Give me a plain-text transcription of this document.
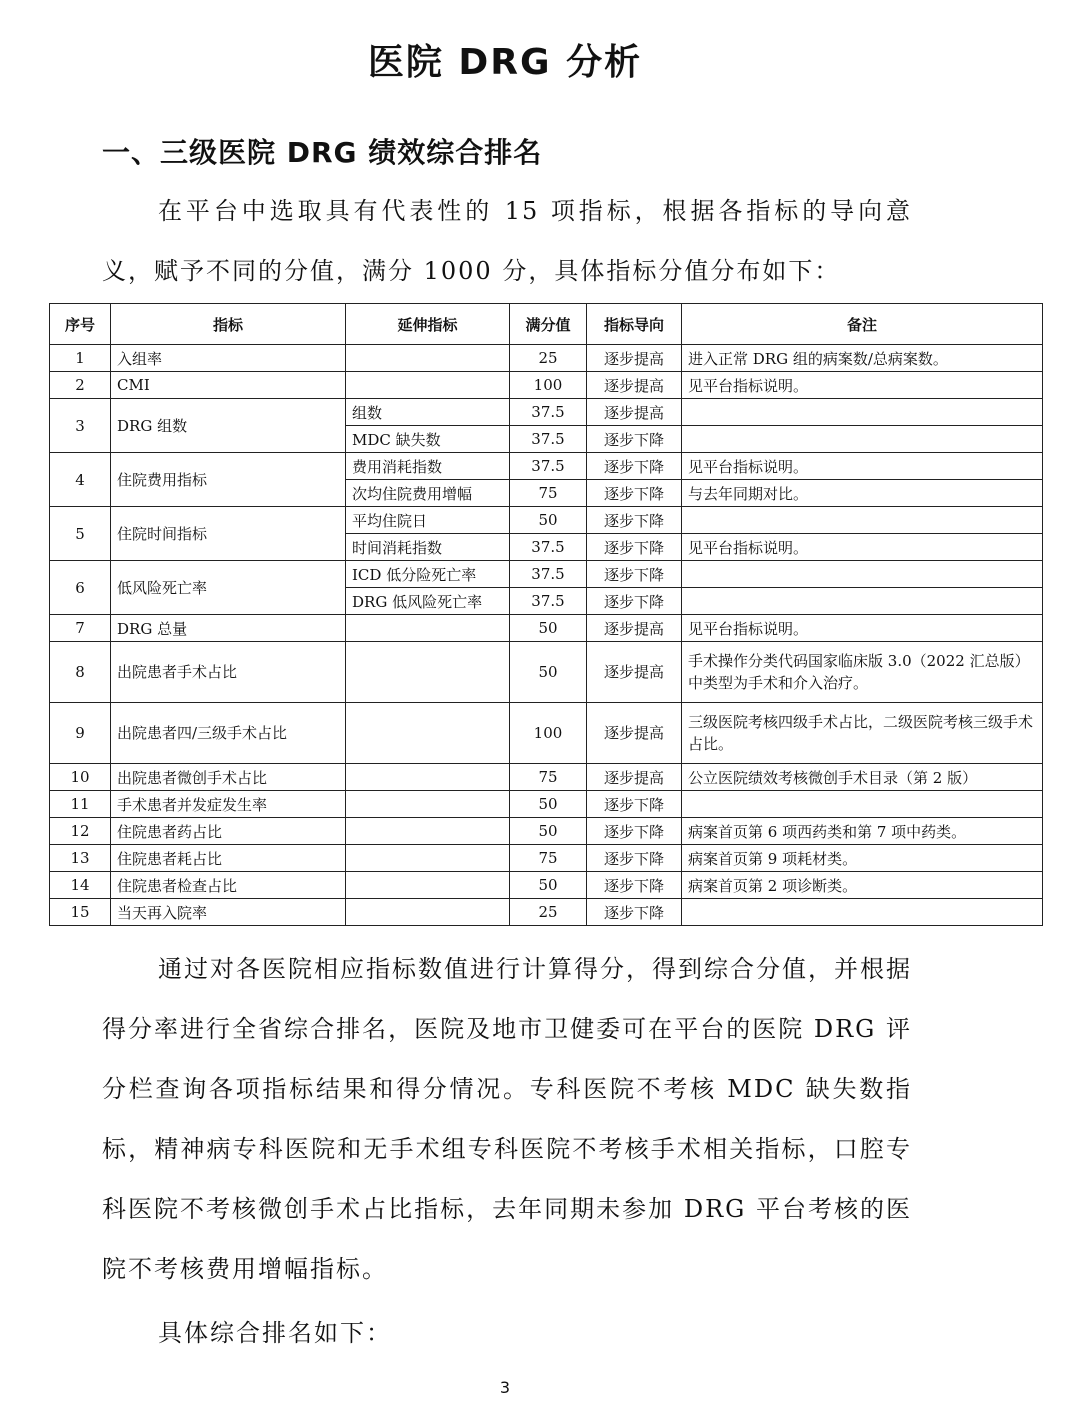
医院 DRG 分析
一、三级医院 DRG 绩效综合排名
在平台中选取具有代表性的 15 项指标，根据各指标的导向意义，赋予不同的分值，满分 1000 分，具体指标分值分布如下：
序号	指标	延伸指标	满分值	指标导向	备注
1	入组率		25	逐步提高	进入正常 DRG 组的病案数/总病案数。
2	CMI		100	逐步提高	见平台指标说明。
3	DRG 组数	组数	37.5	逐步提高	
		MDC 缺失数	37.5	逐步下降	
4	住院费用指标	费用消耗指数	37.5	逐步下降	见平台指标说明。
		次均住院费用增幅	75	逐步下降	与去年同期对比。
5	住院时间指标	平均住院日	50	逐步下降	
		时间消耗指数	37.5	逐步下降	见平台指标说明。
6	低风险死亡率	ICD 低分险死亡率	37.5	逐步下降	
		DRG 低风险死亡率	37.5	逐步下降	
7	DRG 总量		50	逐步提高	见平台指标说明。
8	出院患者手术占比		50	逐步提高	手术操作分类代码国家临床版 3.0（2022 汇总版）中类型为手术和介入治疗。
9	出院患者四/三级手术占比		100	逐步提高	三级医院考核四级手术占比，二级医院考核三级手术占比。
10	出院患者微创手术占比		75	逐步提高	公立医院绩效考核微创手术目录（第 2 版）
11	手术患者并发症发生率		50	逐步下降	
12	住院患者药占比		50	逐步下降	病案首页第 6 项西药类和第 7 项中药类。
13	住院患者耗占比		75	逐步下降	病案首页第 9 项耗材类。
14	住院患者检查占比		50	逐步下降	病案首页第 2 项诊断类。
15	当天再入院率		25	逐步下降	
通过对各医院相应指标数值进行计算得分，得到综合分值，并根据得分率进行全省综合排名，医院及地市卫健委可在平台的医院 DRG 评分栏查询各项指标结果和得分情况。专科医院不考核 MDC 缺失数指标，精神病专科医院和无手术组专科医院不考核手术相关指标，口腔专科医院不考核微创手术占比指标，去年同期未参加 DRG 平台考核的医院不考核费用增幅指标。
具体综合排名如下：
3
